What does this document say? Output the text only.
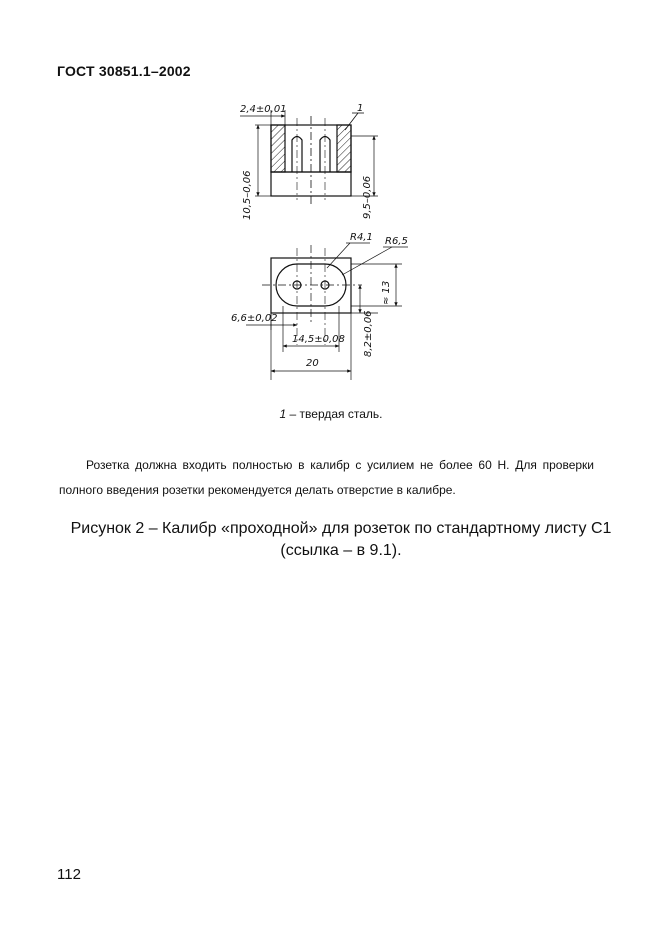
ГОСТ 30851.1–2002
2,4±0,01	1
10,5–0,06	9,5–0,06
R4,1 R6,5
≈ 13
6,6±0,02
14,5±0,08 8,2±0,06
20
1 – твердая сталь.
Розетка должна входить полностью в калибр с усилием не более 60 Н. Для проверки полного введения розетки рекомендуется делать отверстие в калибре.
Рисунок 2 – Калибр «проходной» для розеток по стандартному листу С1 (ссылка – в 9.1).
112
